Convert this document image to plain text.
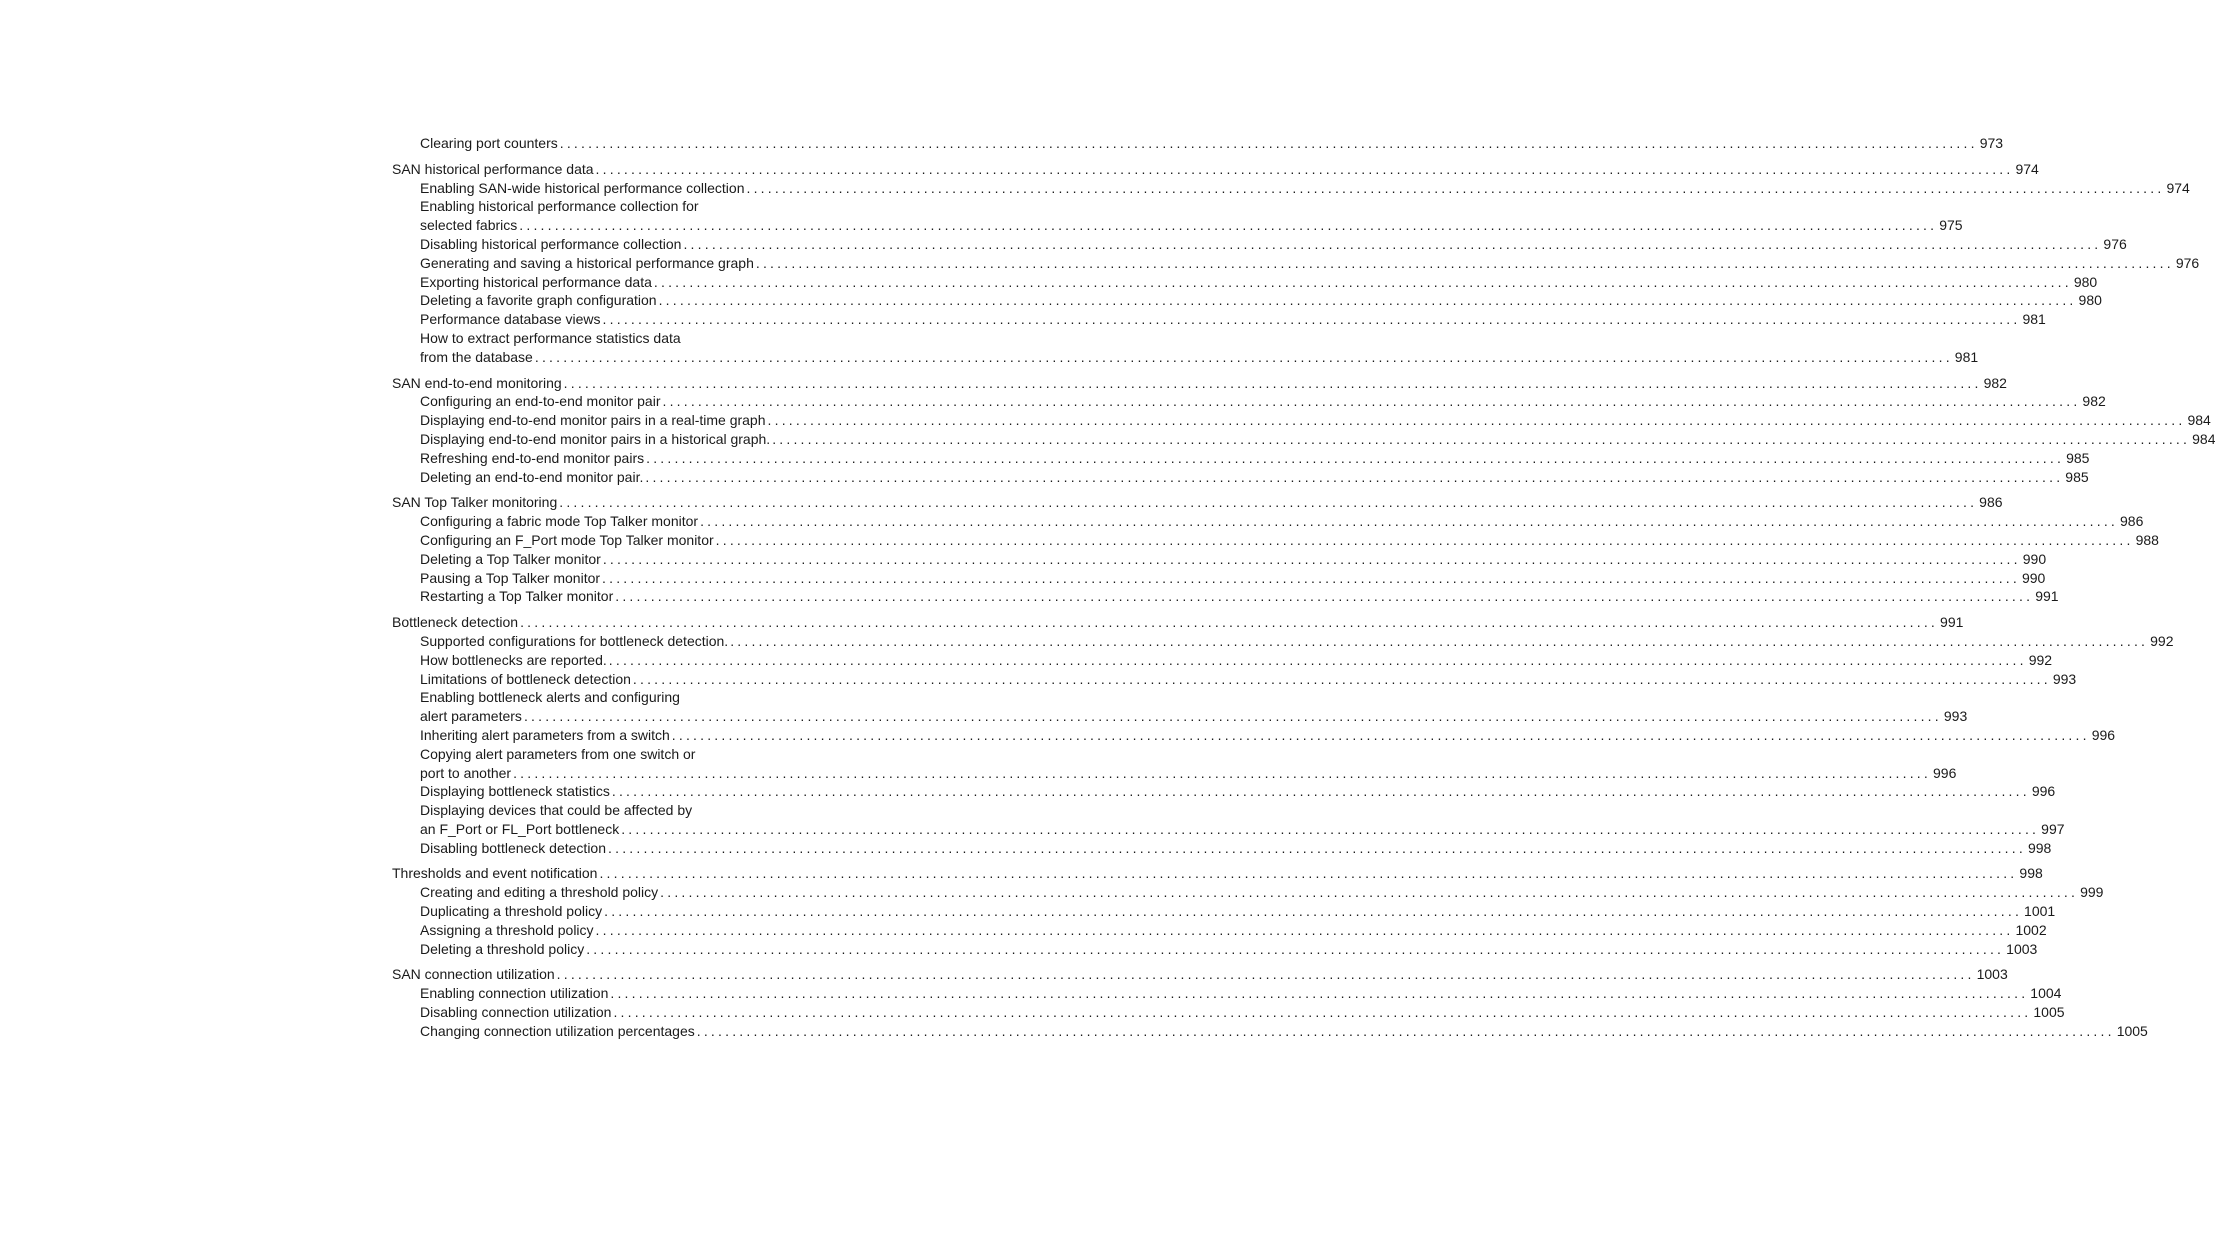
Clearing port counters ........................................................................................................................................................................................................ 973
SAN historical performance data ........................................................................................................................................................................................................ 974
Enabling SAN-wide historical performance collection ........................................................................................................................................................................................................ 974
Enabling historical performance collection for
selected fabrics ........................................................................................................................................................................................................ 975
Disabling historical performance collection ........................................................................................................................................................................................................ 976
Generating and saving a historical performance graph ........................................................................................................................................................................................................ 976
Exporting historical performance data ........................................................................................................................................................................................................ 980
Deleting a favorite graph configuration ........................................................................................................................................................................................................ 980
Performance database views ........................................................................................................................................................................................................ 981
How to extract performance statistics data
from the database ........................................................................................................................................................................................................ 981
SAN end-to-end monitoring ........................................................................................................................................................................................................ 982
Configuring an end-to-end monitor pair ........................................................................................................................................................................................................ 982
Displaying end-to-end monitor pairs in a real-time graph ........................................................................................................................................................................................................ 984
Displaying end-to-end monitor pairs in a historical graph. ........................................................................................................................................................................................................ 984
Refreshing end-to-end monitor pairs ........................................................................................................................................................................................................ 985
Deleting an end-to-end monitor pair. ........................................................................................................................................................................................................ 985
SAN Top Talker monitoring ........................................................................................................................................................................................................ 986
Configuring a fabric mode Top Talker monitor ........................................................................................................................................................................................................ 986
Configuring an F_Port mode Top Talker monitor ........................................................................................................................................................................................................ 988
Deleting a Top Talker monitor ........................................................................................................................................................................................................ 990
Pausing a Top Talker monitor ........................................................................................................................................................................................................ 990
Restarting a Top Talker monitor ........................................................................................................................................................................................................ 991
Bottleneck detection ........................................................................................................................................................................................................ 991
Supported configurations for bottleneck detection. ........................................................................................................................................................................................................ 992
How bottlenecks are reported. ........................................................................................................................................................................................................ 992
Limitations of bottleneck detection ........................................................................................................................................................................................................ 993
Enabling bottleneck alerts and configuring
alert parameters ........................................................................................................................................................................................................ 993
Inheriting alert parameters from a switch ........................................................................................................................................................................................................ 996
Copying alert parameters from one switch or
port to another ........................................................................................................................................................................................................ 996
Displaying bottleneck statistics ........................................................................................................................................................................................................ 996
Displaying devices that could be affected by
an F_Port or FL_Port bottleneck ........................................................................................................................................................................................................ 997
Disabling bottleneck detection ........................................................................................................................................................................................................ 998
Thresholds and event notification ........................................................................................................................................................................................................ 998
Creating and editing a threshold policy ........................................................................................................................................................................................................ 999
Duplicating a threshold policy ........................................................................................................................................................................................................ 1001
Assigning a threshold policy ........................................................................................................................................................................................................ 1002
Deleting a threshold policy ........................................................................................................................................................................................................ 1003
SAN connection utilization ........................................................................................................................................................................................................ 1003
Enabling connection utilization ........................................................................................................................................................................................................ 1004
Disabling connection utilization ........................................................................................................................................................................................................ 1005
Changing connection utilization percentages ........................................................................................................................................................................................................ 1005
